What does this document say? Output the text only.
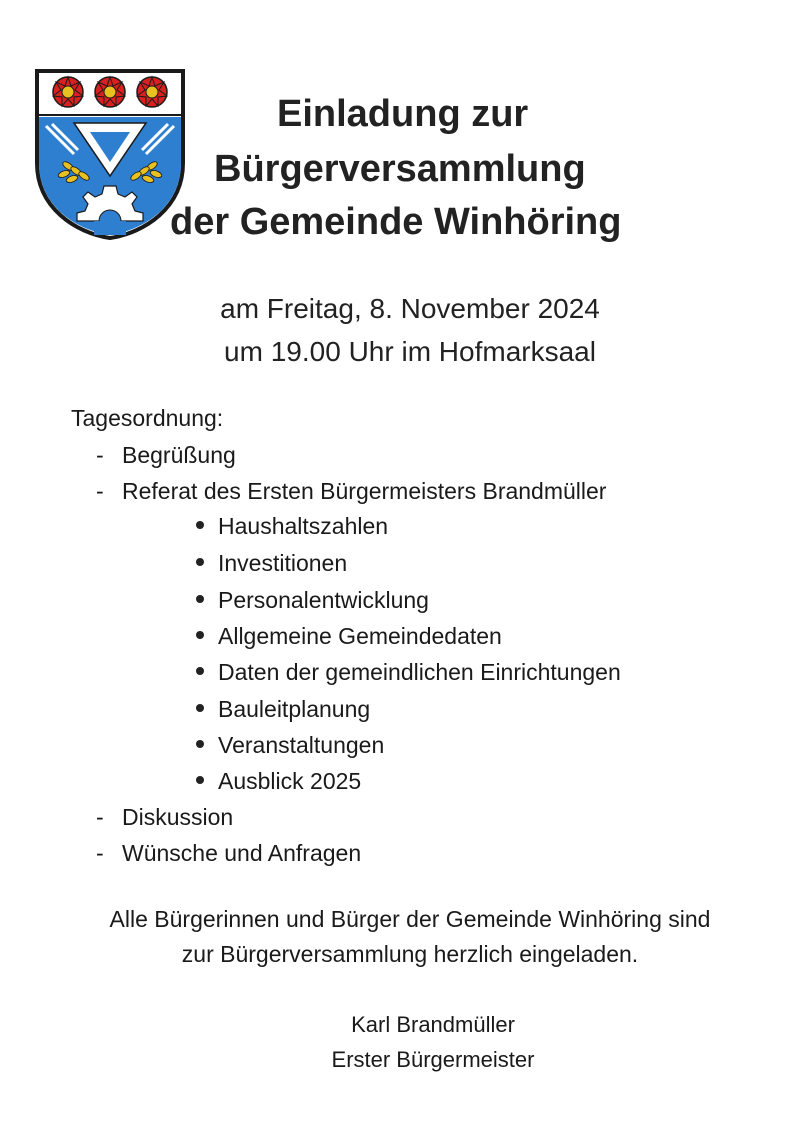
Einladung zur
Bürgerversammlung
der Gemeinde Winhöring
am Freitag, 8. November 2024
um 19.00 Uhr im Hofmarksaal
Tagesordnung:
- Begrüßung
- Referat des Ersten Bürgermeisters Brandmüller
Haushaltszahlen
Investitionen
Personalentwicklung
Allgemeine Gemeindedaten
Daten der gemeindlichen Einrichtungen
Bauleitplanung
Veranstaltungen
Ausblick 2025
- Diskussion
- Wünsche und Anfragen
Alle Bürgerinnen und Bürger der Gemeinde Winhöring sind
zur Bürgerversammlung herzlich eingeladen.
Karl Brandmüller
Erster Bürgermeister
